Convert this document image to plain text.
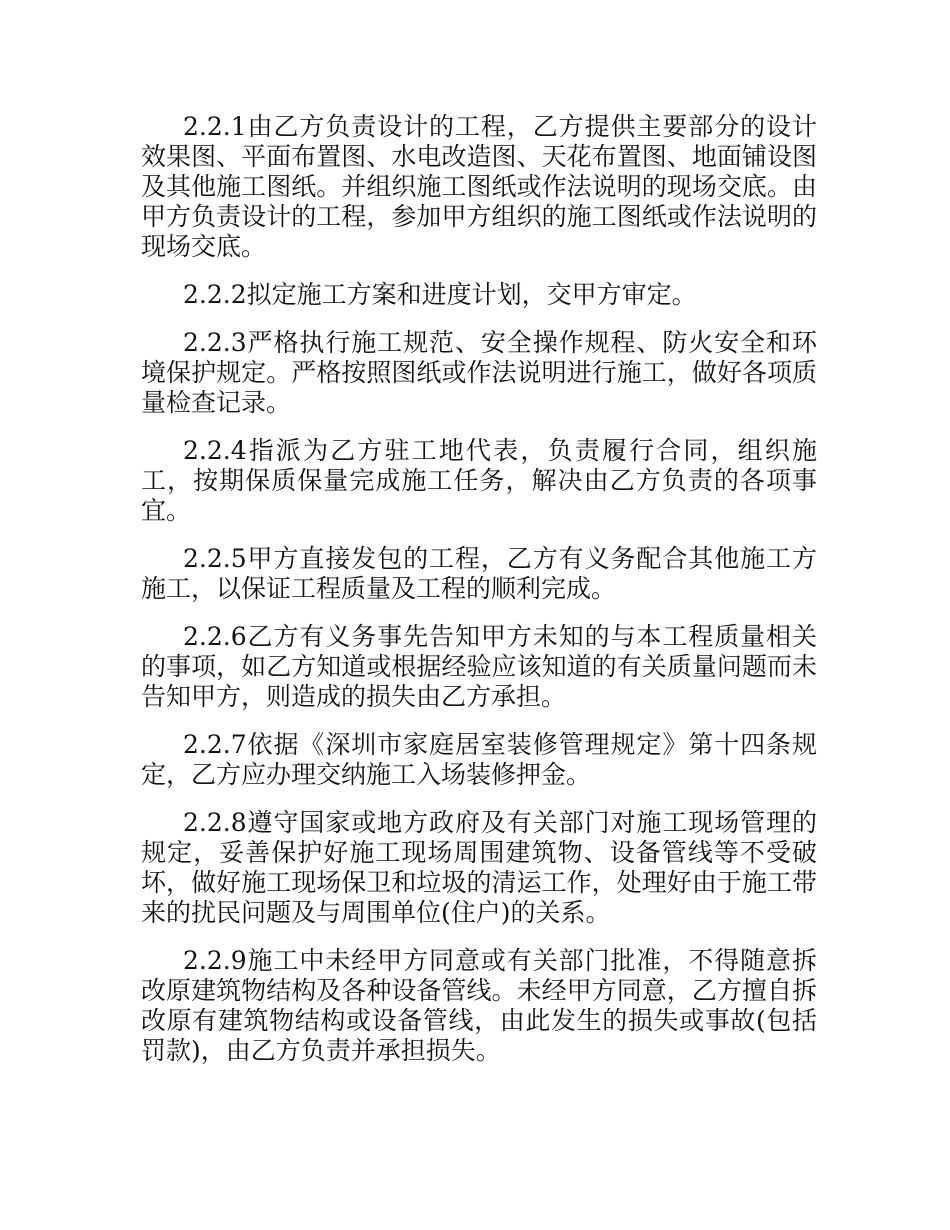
2.2.1由乙方负责设计的工程，乙方提供主要部分的设计效果图、平面布置图、水电改造图、天花布置图、地面铺设图及其他施工图纸。并组织施工图纸或作法说明的现场交底。由甲方负责设计的工程，参加甲方组织的施工图纸或作法说明的现场交底。

2.2.2拟定施工方案和进度计划，交甲方审定。

2.2.3严格执行施工规范、安全操作规程、防火安全和环境保护规定。严格按照图纸或作法说明进行施工，做好各项质量检查记录。

2.2.4指派为乙方驻工地代表，负责履行合同，组织施工，按期保质保量完成施工任务，解决由乙方负责的各项事宜。

2.2.5甲方直接发包的工程，乙方有义务配合其他施工方施工，以保证工程质量及工程的顺利完成。

2.2.6乙方有义务事先告知甲方未知的与本工程质量相关的事项，如乙方知道或根据经验应该知道的有关质量问题而未告知甲方，则造成的损失由乙方承担。

2.2.7依据《深圳市家庭居室装修管理规定》第十四条规定，乙方应办理交纳施工入场装修押金。

2.2.8遵守国家或地方政府及有关部门对施工现场管理的规定，妥善保护好施工现场周围建筑物、设备管线等不受破坏，做好施工现场保卫和垃圾的清运工作，处理好由于施工带来的扰民问题及与周围单位(住户)的关系。

2.2.9施工中未经甲方同意或有关部门批准，不得随意拆改原建筑物结构及各种设备管线。未经甲方同意，乙方擅自拆改原有建筑物结构或设备管线，由此发生的损失或事故(包括罚款)，由乙方负责并承担损失。
